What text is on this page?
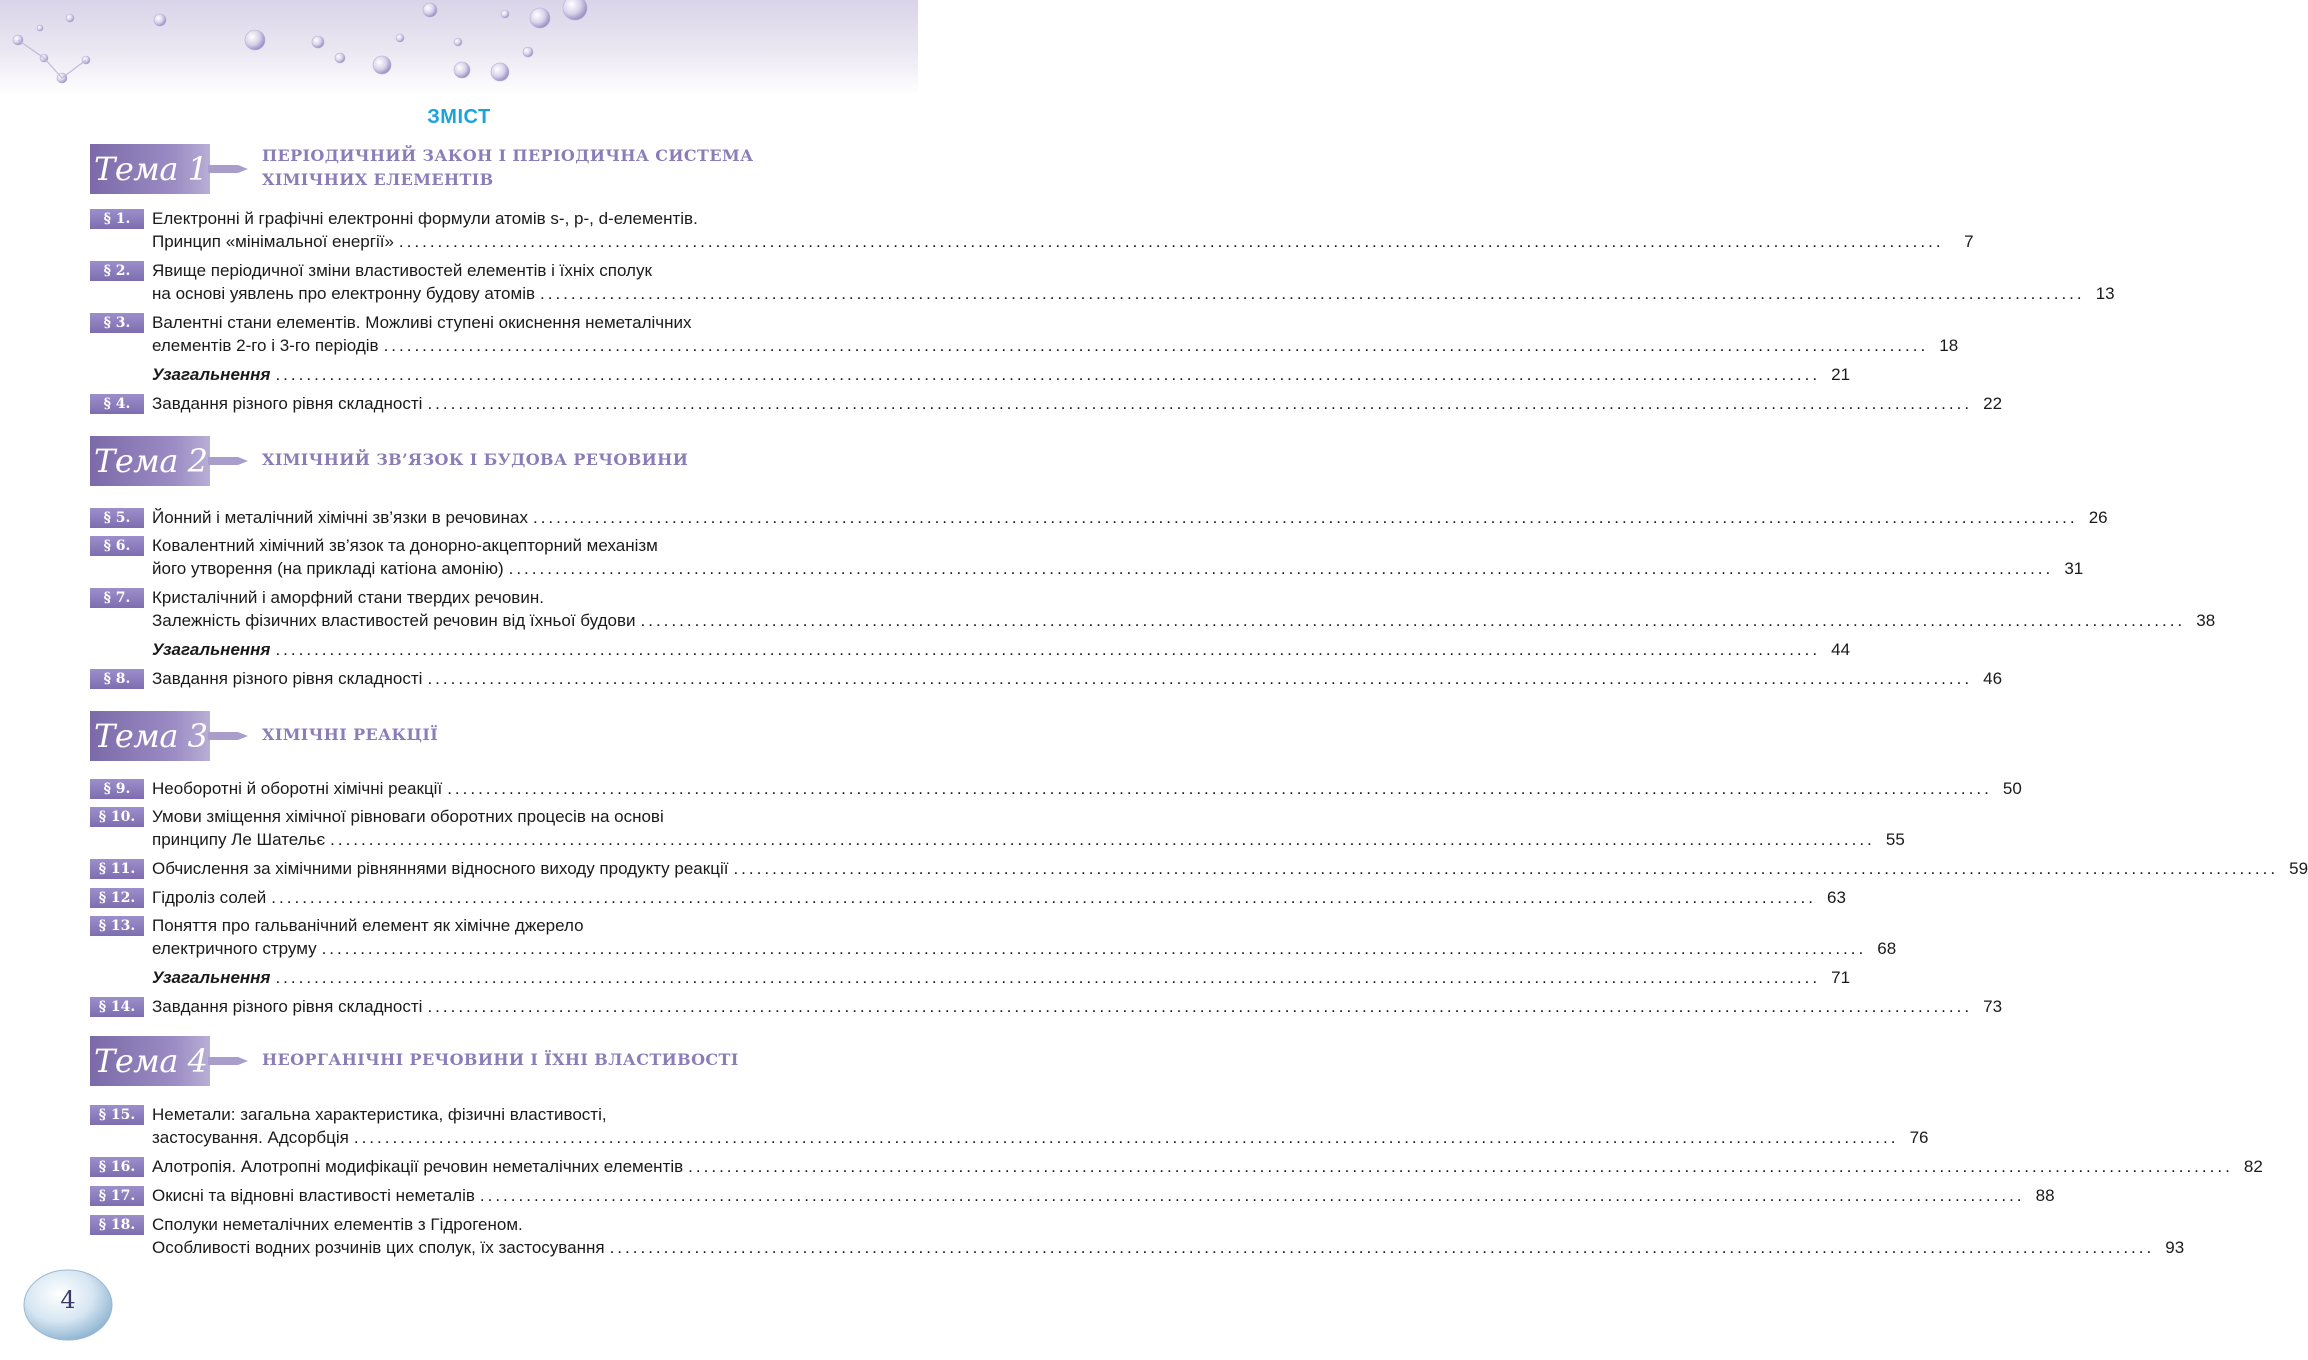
ЗМІСТ
Тема 1	ПЕРІОДИЧНИЙ ЗАКОН І ПЕРІОДИЧНА СИСТЕМА
ХІМІЧНИХ ЕЛЕМЕНТІВ
§ 1.	Електронні й графічні електронні формули атомів s-, p-, d-елементів.
Принцип «мінімальної енергії» ........................................................................................................................................................................................................	7
§ 2.	Явище періодичної зміни властивостей елементів і їхніх сполук
на основі уявлень про електронну будову атомів ........................................................................................................................................................................................................ 13
§ 3.	Валентні стани елементів. Можливі ступені окиснення неметалічних
елементів 2-го і 3-го періодів ........................................................................................................................................................................................................ 18
Узагальнення ........................................................................................................................................................................................................ 21
§ 4.	Завдання різного рівня складності ........................................................................................................................................................................................................ 22
Тема 2	ХІМІЧНИЙ ЗВ’ЯЗОК І БУДОВА РЕЧОВИНИ
§ 5.	Йонний і металічний хімічні зв’язки в речовинах ........................................................................................................................................................................................................ 26
§ 6.	Ковалентний хімічний зв’язок та донорно-акцепторний механізм
його утворення (на прикладі катіона амонію) ........................................................................................................................................................................................................ 31
§ 7.	Кристалічний і аморфний стани твердих речовин.
Залежність фізичних властивостей речовин від їхньої будови ........................................................................................................................................................................................................ 38
Узагальнення ........................................................................................................................................................................................................ 44
§ 8.	Завдання різного рівня складності ........................................................................................................................................................................................................ 46
Тема 3	ХІМІЧНІ РЕАКЦІЇ
§ 9.	Необоротні й оборотні хімічні реакції ........................................................................................................................................................................................................ 50
§ 10. Умови зміщення хімічної рівноваги оборотних процесів на основі
принципу Ле Шательє ........................................................................................................................................................................................................ 55
§ 11. Обчислення за хімічними рівняннями відносного виходу продукту реакції ........................................................................................................................................................................................................ 59
§ 12. Гідроліз солей ........................................................................................................................................................................................................ 63
§ 13. Поняття про гальванічний елемент як хімічне джерело
електричного струму ........................................................................................................................................................................................................ 68
Узагальнення ........................................................................................................................................................................................................ 71
§ 14. Завдання різного рівня складності ........................................................................................................................................................................................................ 73
Тема 4	НЕОРГАНІЧНІ РЕЧОВИНИ І ЇХНІ ВЛАСТИВОСТІ
§ 15. Неметали: загальна характеристика, фізичні властивості,
застосування. Адсорбція ........................................................................................................................................................................................................ 76
§ 16. Алотропія. Алотропні модифікації речовин неметалічних елементів ........................................................................................................................................................................................................ 82
§ 17. Окисні та відновні властивості неметалів ........................................................................................................................................................................................................ 88
§ 18. Сполуки неметалічних елементів з Гідрогеном.
Особливості водних розчинів цих сполук, їх застосування ........................................................................................................................................................................................................ 93
4
